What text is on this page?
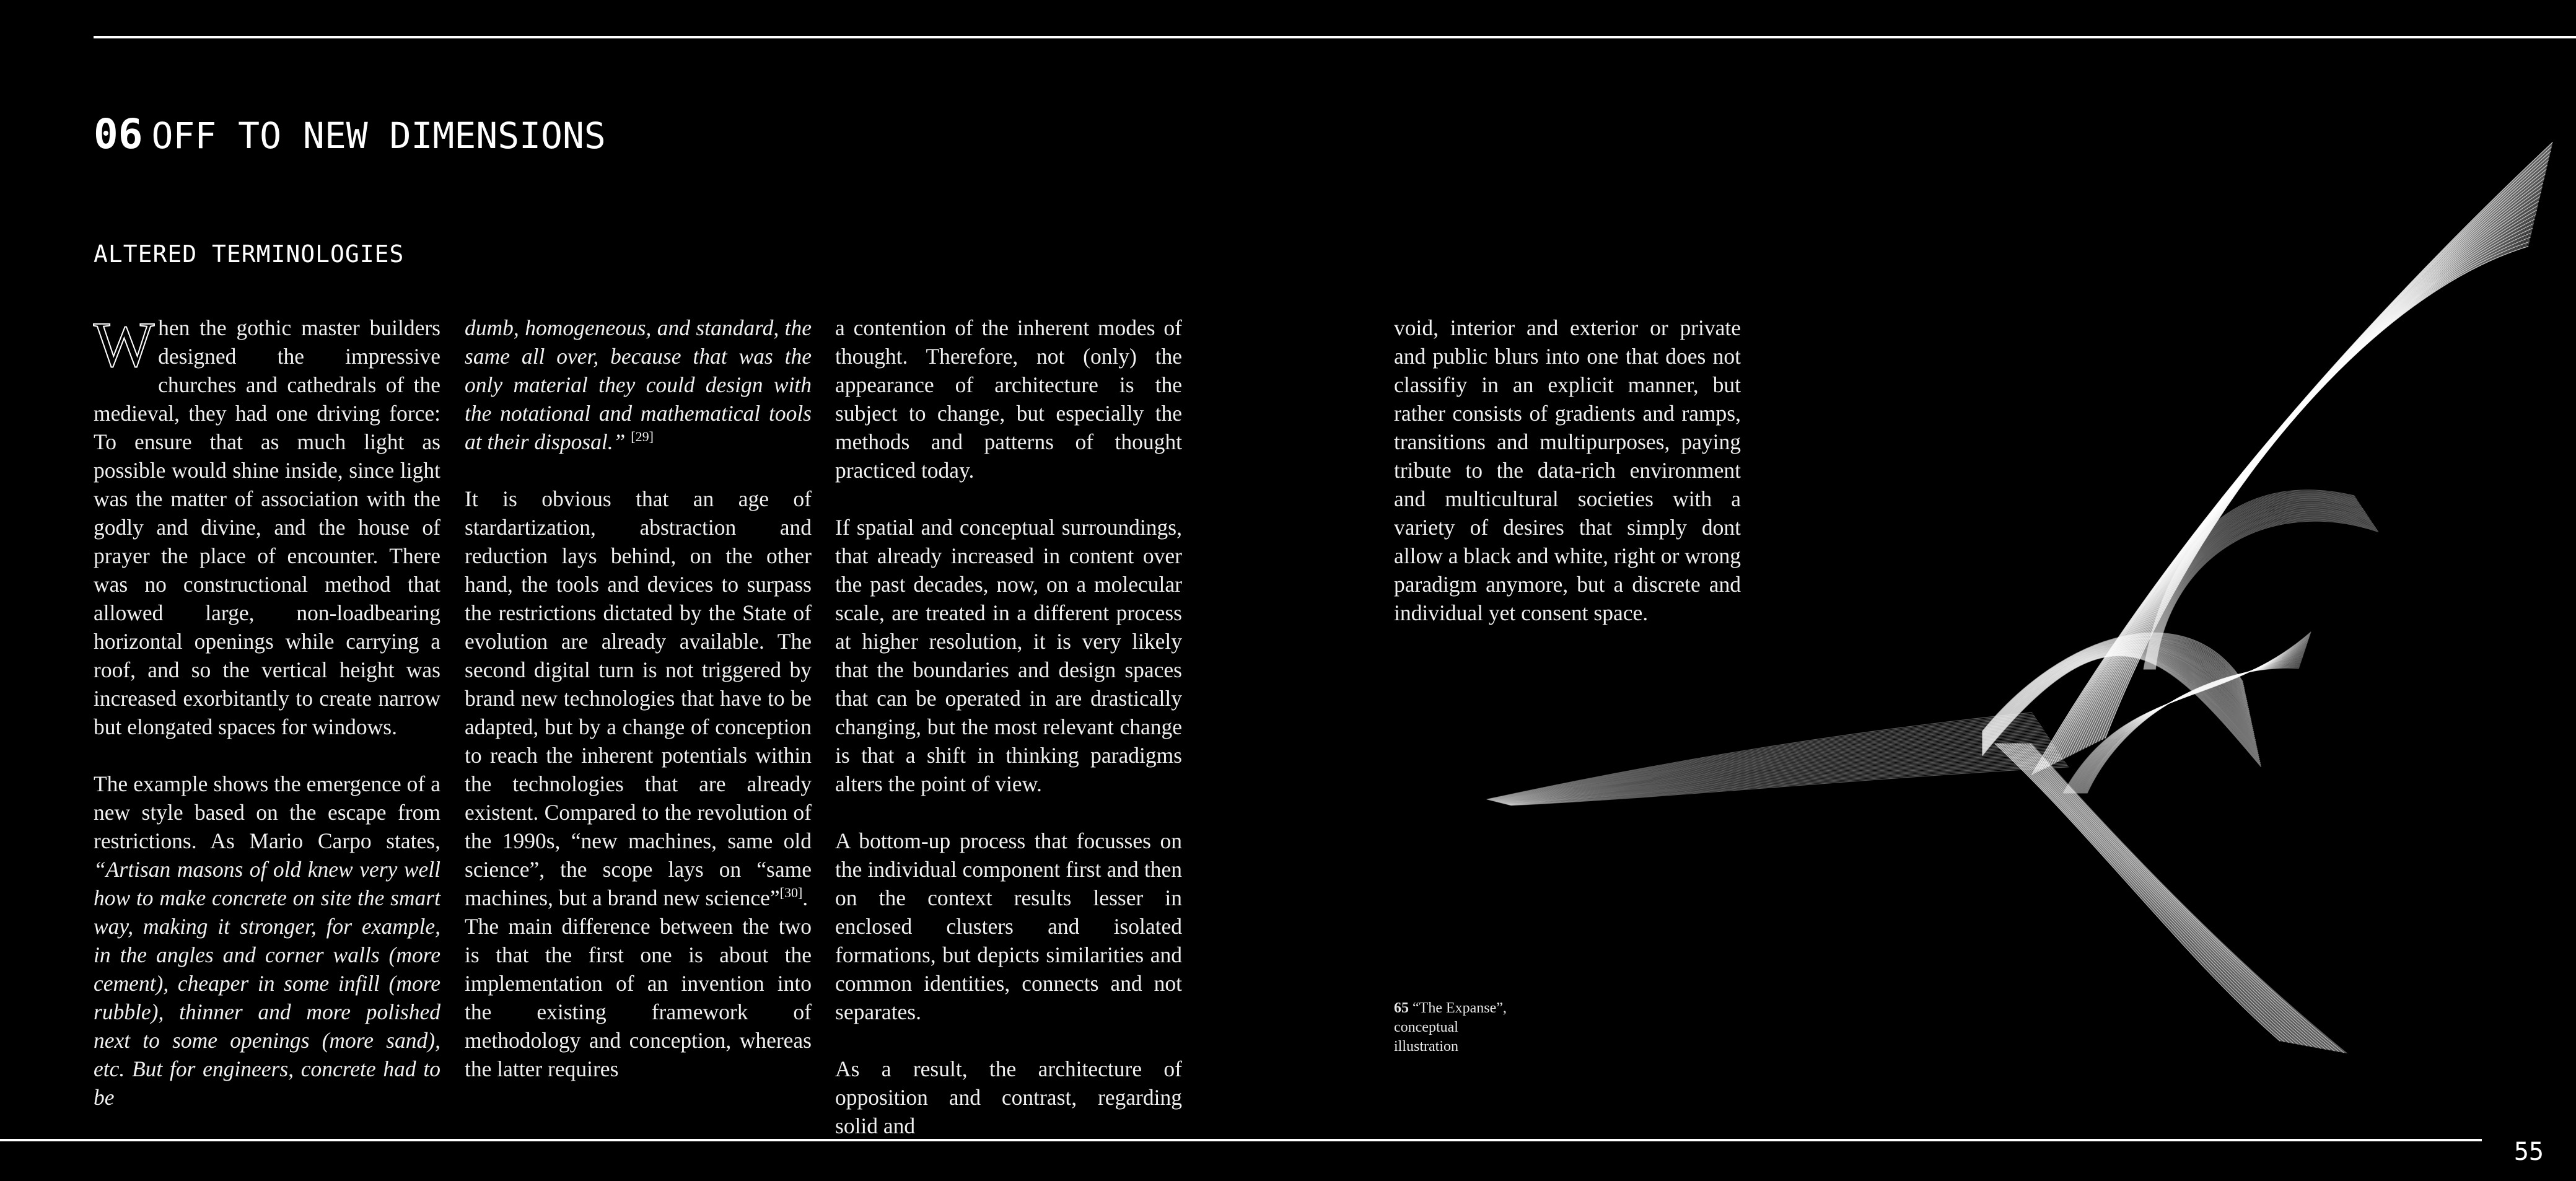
06 OFF TO NEW DIMENSIONS
ALTERED TERMINOLOGIES

When the gothic master builders designed the impressive churches and cathedrals of the medieval, they had one driving force: To ensure that as much light as possible would shine inside, since light was the matter of association with the godly and divine, and the house of prayer the place of encounter. There was no constructional method that allowed large, non-loadbearing horizontal openings while carrying a roof, and so the vertical height was increased exorbitantly to create narrow but elongated spaces for windows.

The example shows the emergence of a new style based on the escape from restrictions. As Mario Carpo states, “Artisan masons of old knew very well how to make concrete on site the smart way, making it stronger, for example, in the angles and corner walls (more cement), cheaper in some infill (more rubble), thinner and more polished next to some openings (more sand), etc. But for engineers, concrete had to be

dumb, homogeneous, and standard, the same all over, because that was the only material they could design with the notational and mathematical tools at their disposal.” [29]

It is obvious that an age of stardartization, abstraction and reduction lays behind, on the other hand, the tools and devices to surpass the restrictions dictated by the State of evolution are already available. The second digital turn is not triggered by brand new technologies that have to be adapted, but by a change of conception to reach the inherent potentials within the technologies that are already existent. Compared to the revolution of the 1990s, “new machines, same old science”, the scope lays on “same machines, but a brand new science”[30].

The main difference between the two is that the first one is about the implementation of an invention into the existing framework of methodology and conception, whereas the latter requires

a contention of the inherent modes of thought. Therefore, not (only) the appearance of architecture is the subject to change, but especially the methods and patterns of thought practiced today.

If spatial and conceptual surroundings, that already increased in content over the past decades, now, on a molecular scale, are treated in a different process at higher resolution, it is very likely that the boundaries and design spaces that can be operated in are drastically changing, but the most relevant change is that a shift in thinking paradigms alters the point of view.

A bottom-up process that focusses on the individual component first and then on the context results lesser in enclosed clusters and isolated formations, but depicts similarities and common identities, connects and not separates.

As a result, the architecture of opposition and contrast, regarding solid and

void, interior and exterior or private and public blurs into one that does not classifiy in an explicit manner, but rather consists of gradients and ramps, transitions and multipurposes, paying tribute to the data-rich environment and multicultural societies with a variety of desires that simply dont allow a black and white, right or wrong paradigm anymore, but a discrete and individual yet consent space.

65 “The Expanse”, conceptual illustration
55
